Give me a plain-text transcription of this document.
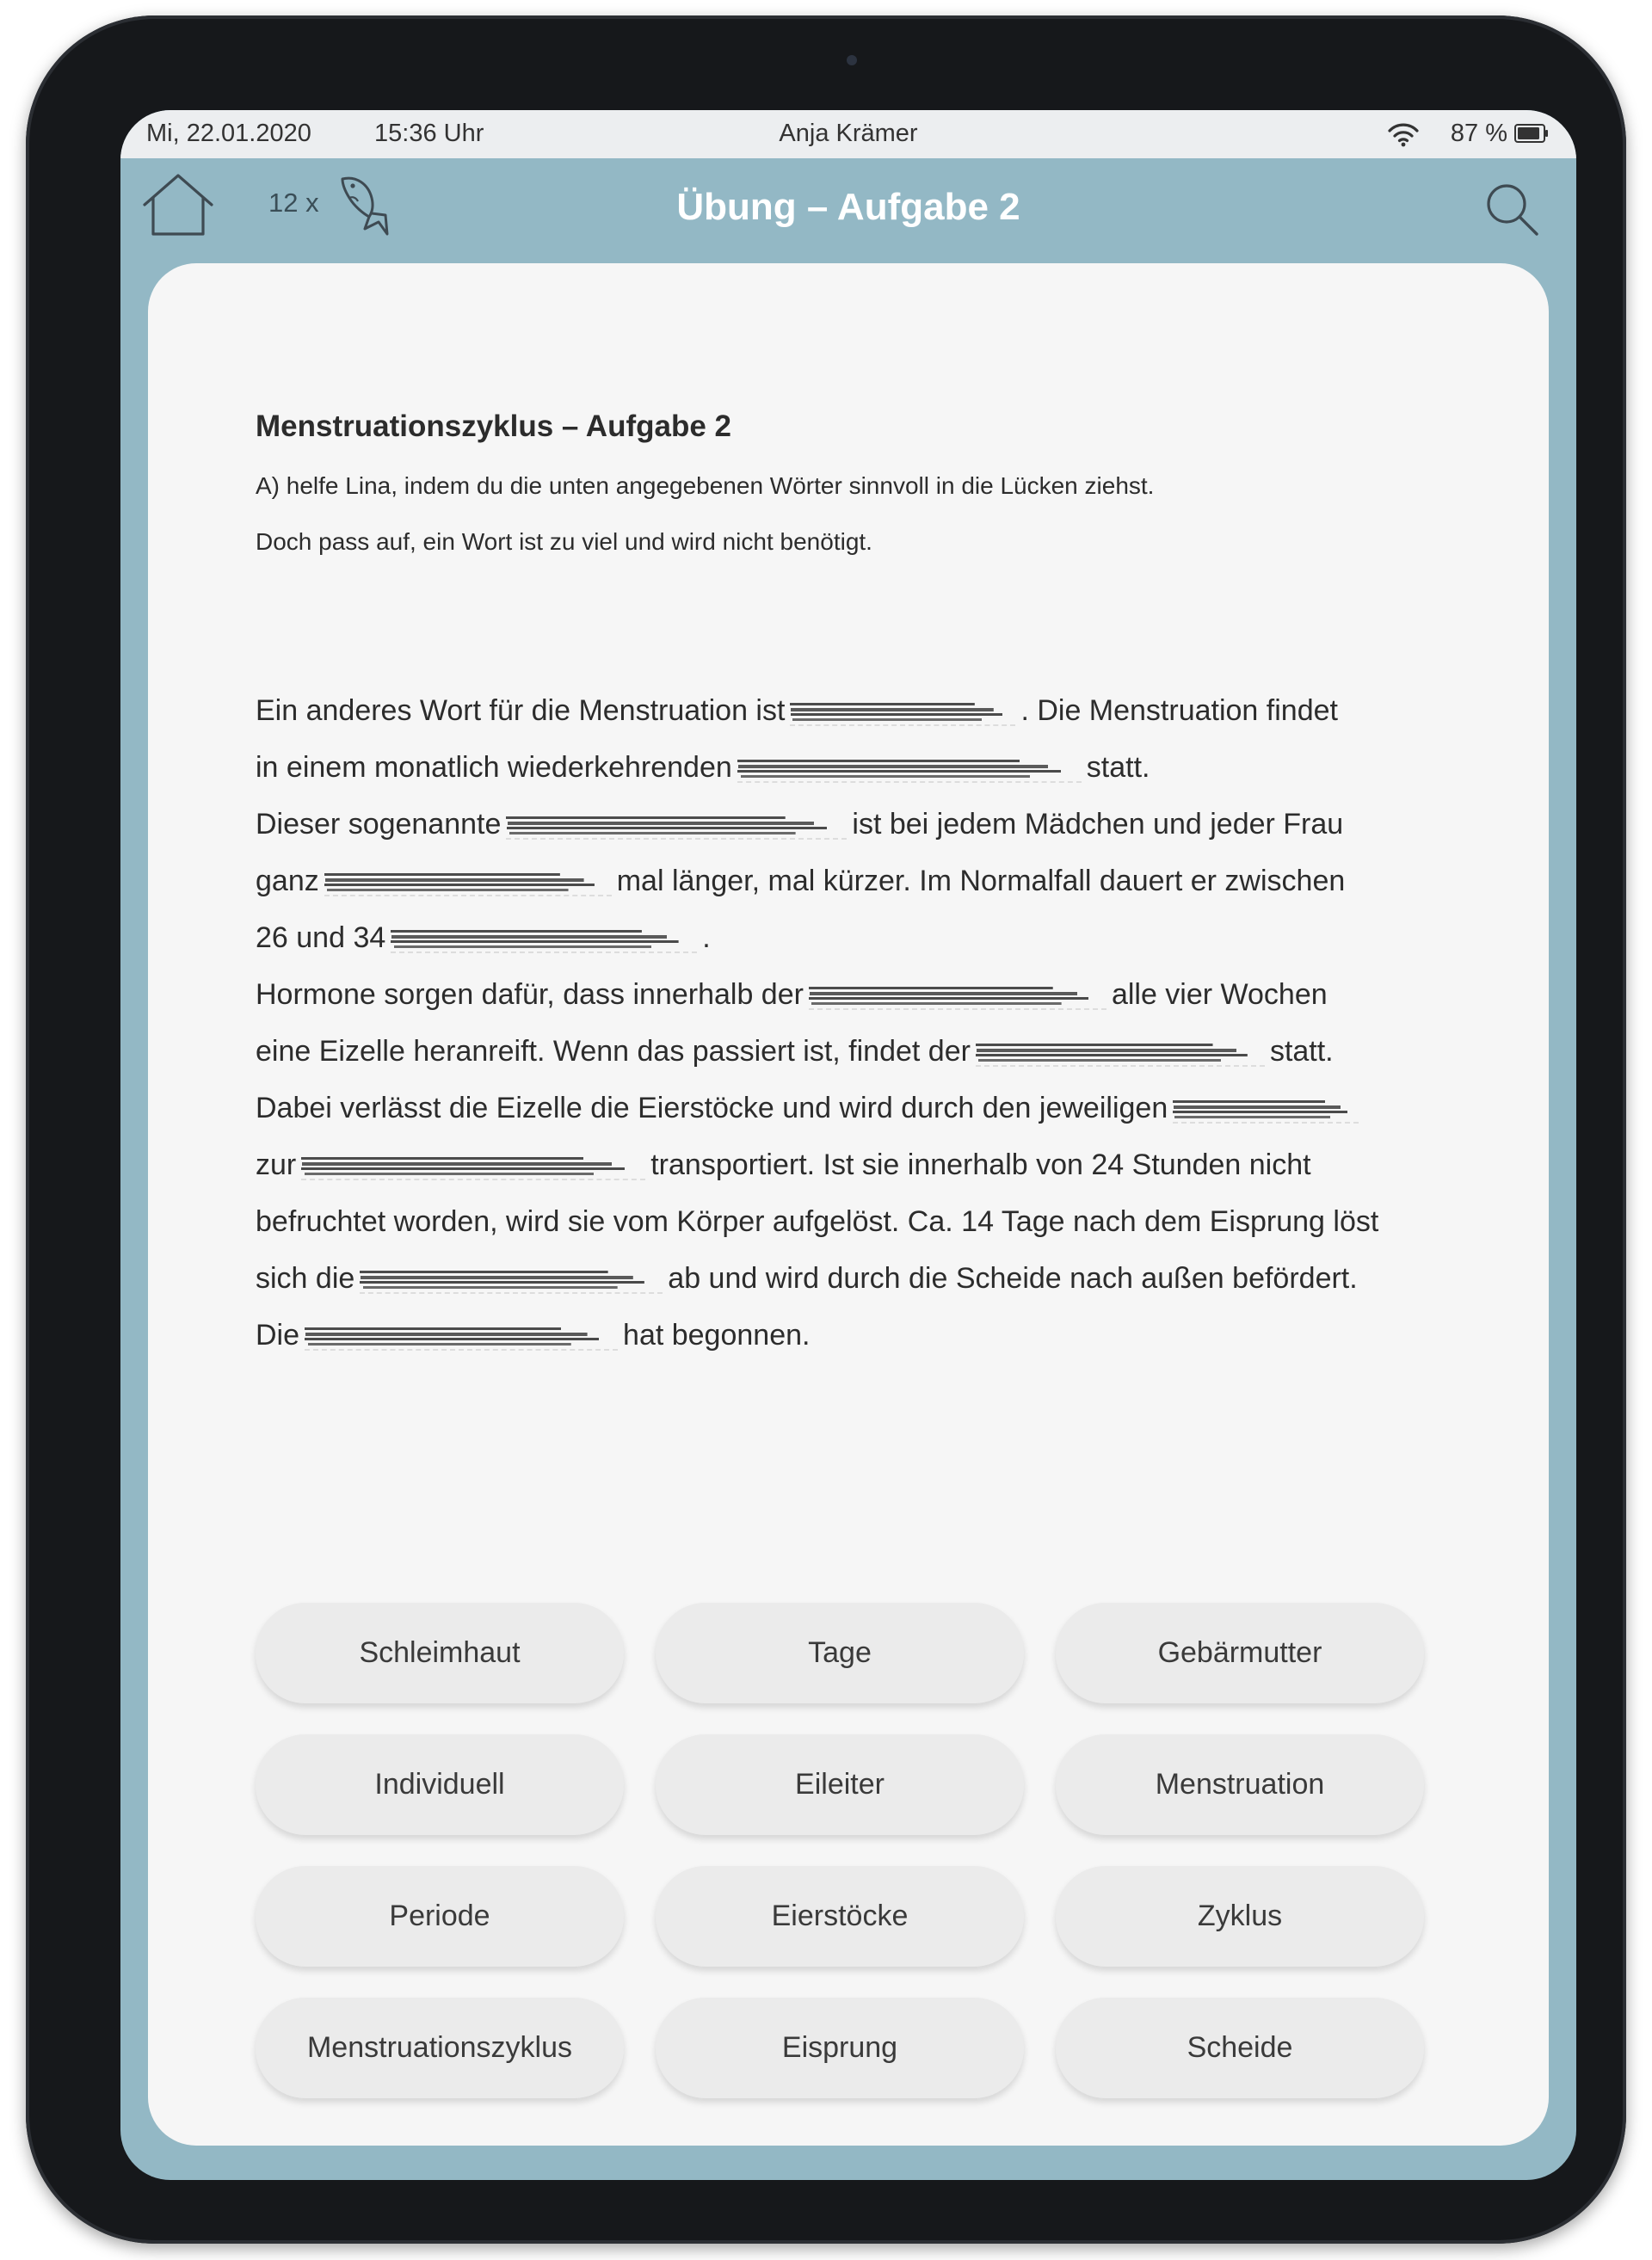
Mi, 22.01.2020	15:36 Uhr	Anja Krämer	87 %
12 x	Übung – Aufgabe 2
Menstruationszyklus – Aufgabe 2
A) helfe Lina, indem du die unten angegebenen Wörter sinnvoll in die Lücken ziehst.
Doch pass auf, ein Wort ist zu viel und wird nicht benötigt.
Ein anderes Wort für die Menstruation ist	. Die Menstruation findet
in einem monatlich wiederkehrenden	statt.
Dieser sogenannte	ist bei jedem Mädchen und jeder Frau
ganz	mal länger, mal kürzer. Im Normalfall dauert er zwischen
26 und 34	.
Hormone sorgen dafür, dass innerhalb der	alle vier Wochen
eine Eizelle heranreift. Wenn das passiert ist, findet der	statt.
Dabei verlässt die Eizelle die Eierstöcke und wird durch den jeweiligen
zur	transportiert. Ist sie innerhalb von 24 Stunden nicht
befruchtet worden, wird sie vom Körper aufgelöst. Ca. 14 Tage nach dem Eisprung löst
sich die	ab und wird durch die Scheide nach außen befördert.
Die	hat begonnen.
Schleimhaut	Tage	Gebärmutter
Individuell	Eileiter	Menstruation
Periode	Eierstöcke	Zyklus
Menstruationszyklus	Eisprung	Scheide
